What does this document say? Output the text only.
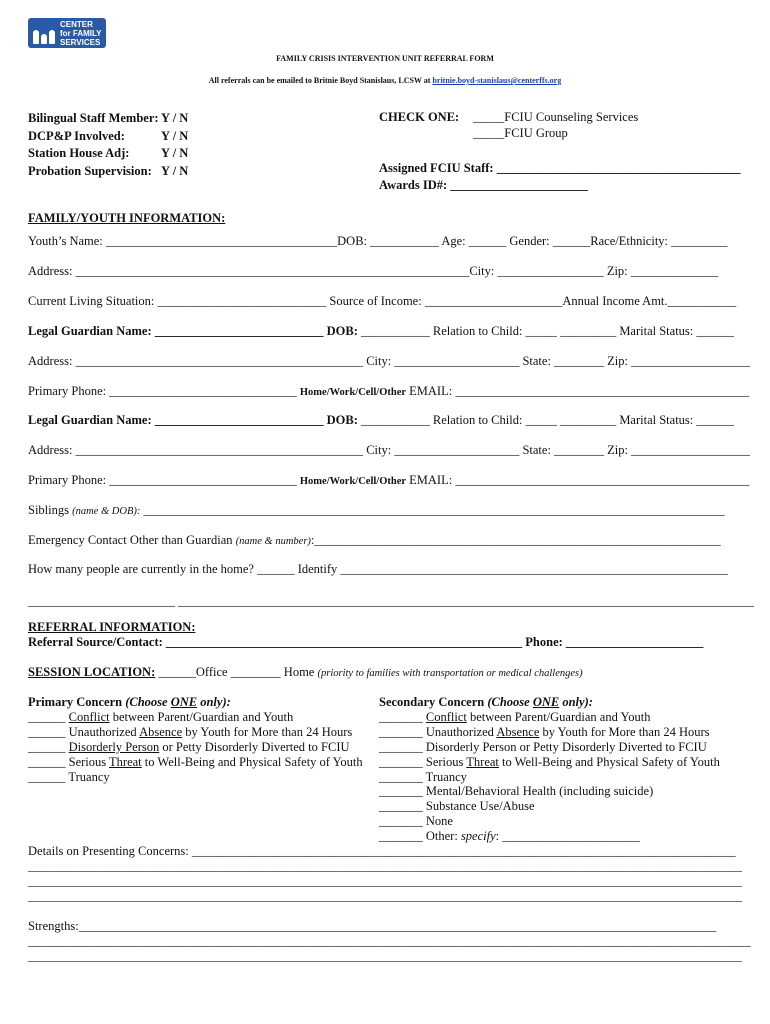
CENTER
for FAMILY
SERVICES
FAMILY CRISIS INTERVENTION UNIT REFERRAL FORM
All referrals can be emailed to Britnie Boyd Stanislaus, LCSW at britnie.boyd-stanislaus@centerffs.org
Bilingual Staff Member: Y / N
DCP&P Involved:	Y / N
Station House Adj:	Y / N
Probation Supervision: Y / N
CHECK ONE: _____FCIU Counseling Services
_____FCIU Group
Assigned FCIU Staff: _______________________________________
Awards ID#: ______________________
FAMILY/YOUTH INFORMATION:
Youth’s Name: _____________________________________DOB: ___________ Age: ______ Gender: ______Race/Ethnicity: _________
Address: _______________________________________________________________City: _________________ Zip: ______________
Current Living Situation: ___________________________ Source of Income: ______________________Annual Income Amt.___________
Legal Guardian Name: ___________________________ DOB: ___________ Relation to Child: _____ _________ Marital Status: ______
Address: ______________________________________________ City: ____________________ State: ________ Zip: ___________________
Primary Phone: ______________________________ Home/Work/Cell/Other EMAIL: _______________________________________________
Legal Guardian Name: ___________________________ DOB: ___________ Relation to Child: _____ _________ Marital Status: ______
Address: ______________________________________________ City: ____________________ State: ________ Zip: ___________________
Primary Phone: ______________________________ Home/Work/Cell/Other EMAIL: _______________________________________________
Siblings (name & DOB): _____________________________________________________________________________________________
Emergency Contact Other than Guardian (name & number):_________________________________________________________________
How many people are currently in the home? ______ Identify ______________________________________________________________
________________________ ______________________________________________________________________________________________
REFERRAL INFORMATION:
Referral Source/Contact: _________________________________________________________ Phone: ______________________
SESSION LOCATION: ______Office ________ Home (priority to families with transportation or medical challenges)
Primary Concern (Choose ONE only):
______ Conflict between Parent/Guardian and Youth
______ Unauthorized Absence by Youth for More than 24 Hours
______ Disorderly Person or Petty Disorderly Diverted to FCIU
______ Serious Threat to Well-Being and Physical Safety of Youth
______ Truancy
Secondary Concern (Choose ONE only):
_______ Conflict between Parent/Guardian and Youth
_______ Unauthorized Absence by Youth for More than 24 Hours
_______ Disorderly Person or Petty Disorderly Diverted to FCIU
_______ Serious Threat to Well-Being and Physical Safety of Youth
_______ Truancy
_______ Mental/Behavioral Health (including suicide)
_______ Substance Use/Abuse
_______ None
_______ Other: specify: ______________________
Details on Presenting Concerns: _______________________________________________________________________________________
_______________________________________________________________________________________________________________________
_______________________________________________________________________________________________________________________
_______________________________________________________________________________________________________________________
Strengths:______________________________________________________________________________________________________
______________________________________________________________________________________________________________________
_______________________________________________________________________________________________________________________
